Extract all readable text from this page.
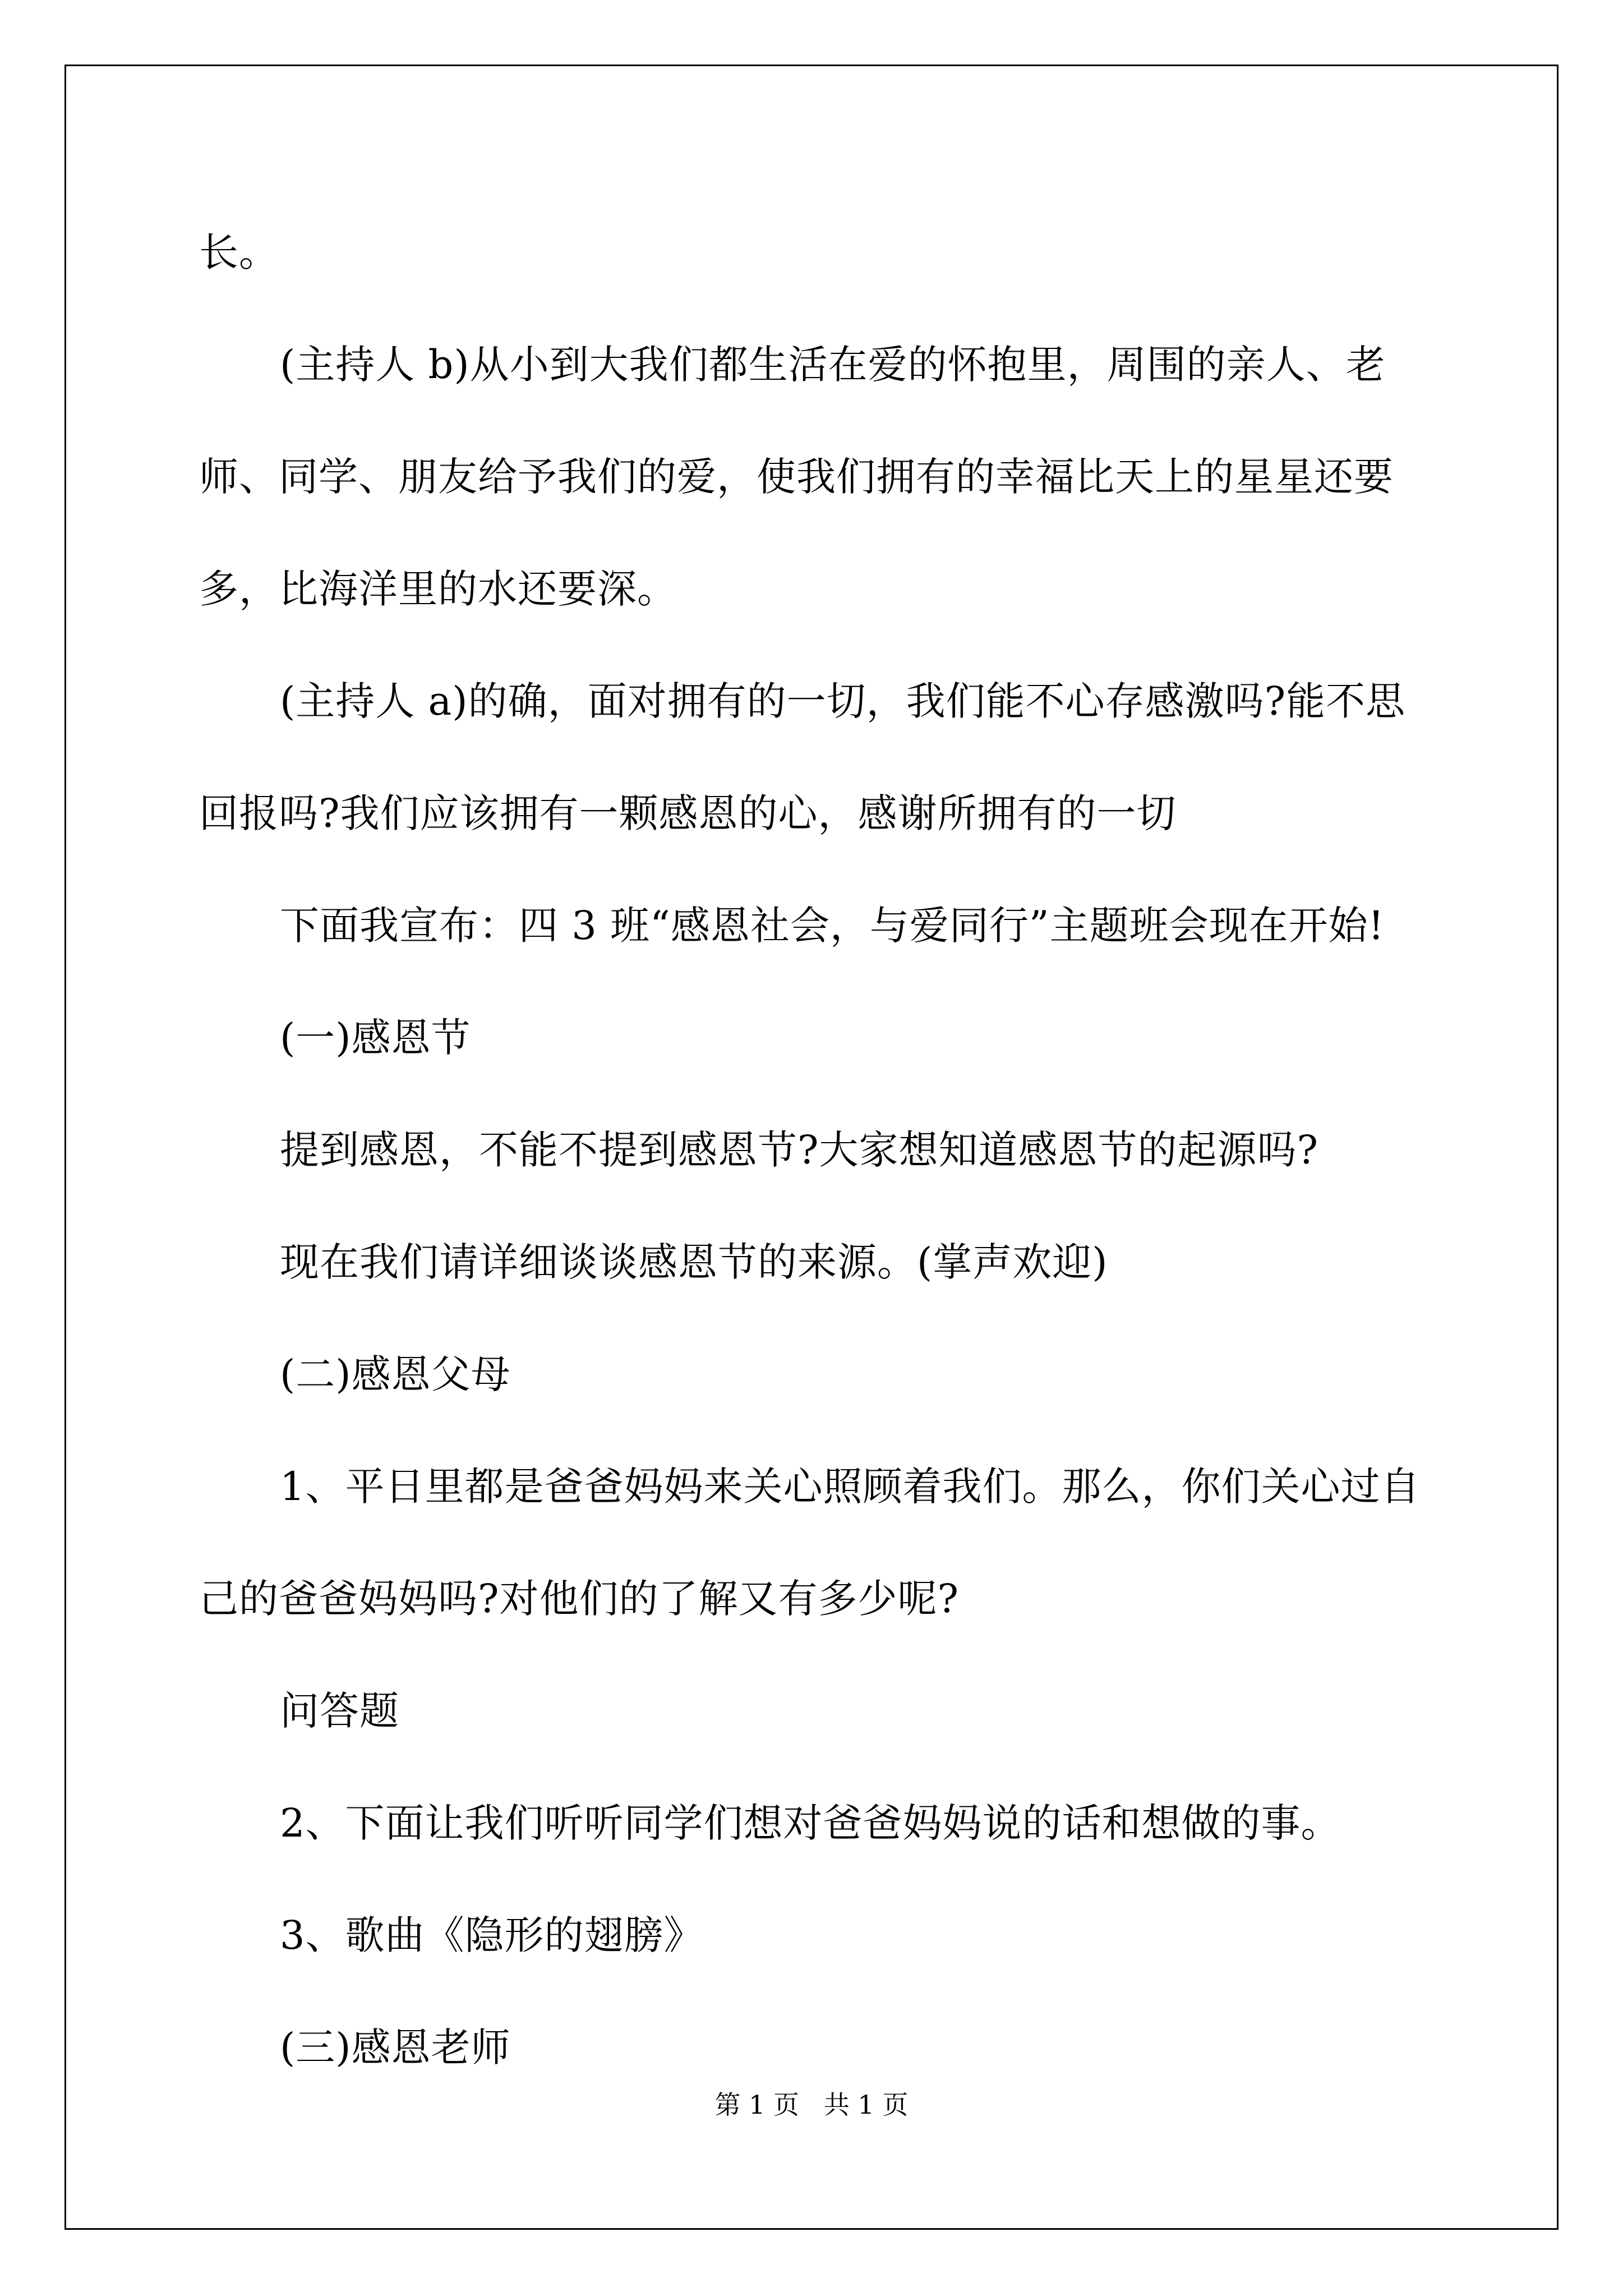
长。
(主持人 b)从小到大我们都生活在爱的怀抱里，周围的亲人、老
师、同学、朋友给予我们的爱，使我们拥有的幸福比天上的星星还要
多，比海洋里的水还要深。
(主持人 a)的确，面对拥有的一切，我们能不心存感激吗?能不思
回报吗?我们应该拥有一颗感恩的心，感谢所拥有的一切
下面我宣布：四 3 班“感恩社会，与爱同行”主题班会现在开始!
(一)感恩节
提到感恩，不能不提到感恩节?大家想知道感恩节的起源吗?
现在我们请详细谈谈感恩节的来源。(掌声欢迎)
(二)感恩父母
1、平日里都是爸爸妈妈来关心照顾着我们。那么，你们关心过自
己的爸爸妈妈吗?对他们的了解又有多少呢?
问答题
2、下面让我们听听同学们想对爸爸妈妈说的话和想做的事。
3、歌曲《隐形的翅膀》
(三)感恩老师
第 1 页   共 1 页
